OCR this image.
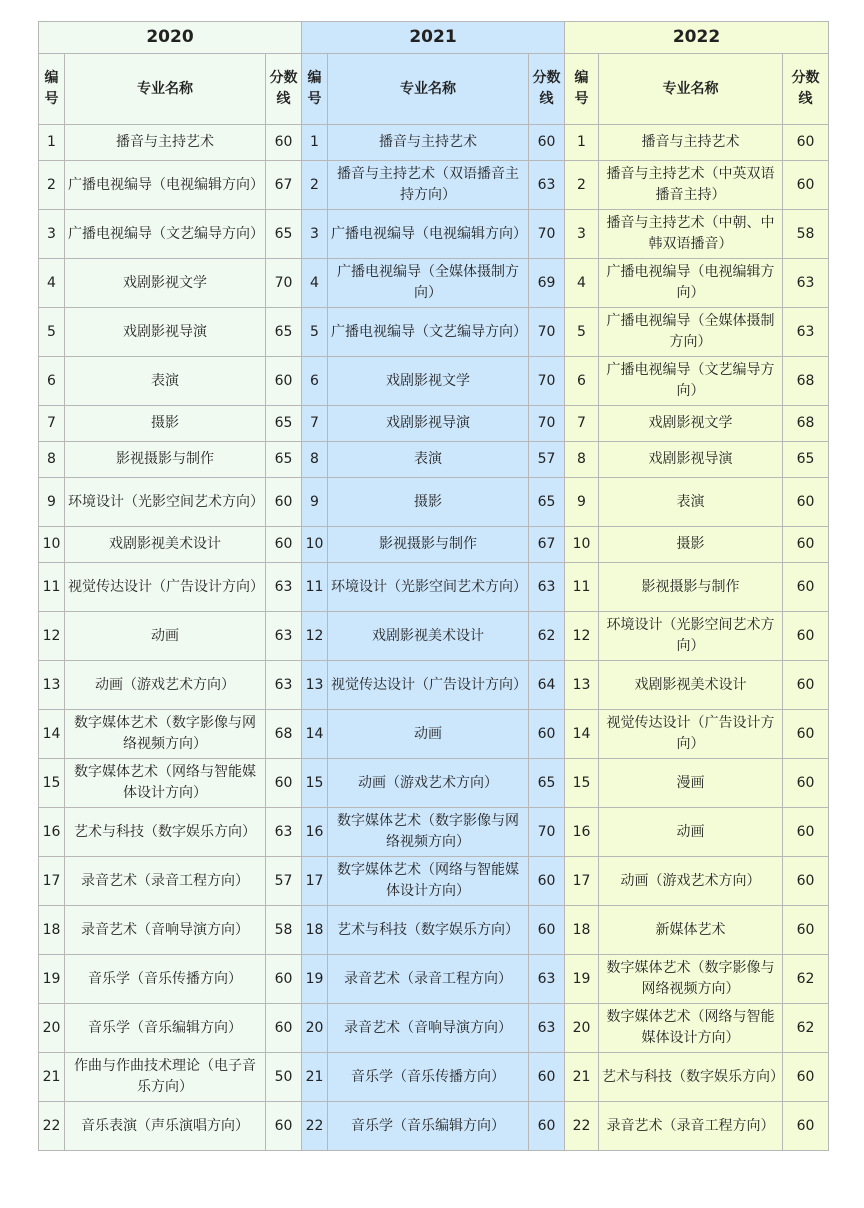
2020			2021			2022		
编号	专业名称	分数线	编号	专业名称	分数线	编号	专业名称	分数线
1	播音与主持艺术	60	1	播音与主持艺术	60	1	播音与主持艺术	60
2	广播电视编导（电视编辑方向）	67	2	播音与主持艺术（双语播音主持方向）	63	2	播音与主持艺术（中英双语播音主持）	60
3	广播电视编导（文艺编导方向）	65	3	广播电视编导（电视编辑方向）	70	3	播音与主持艺术（中朝、中韩双语播音）	58
4	戏剧影视文学	70	4	广播电视编导（全媒体摄制方向）	69	4	广播电视编导（电视编辑方向）	63
5	戏剧影视导演	65	5	广播电视编导（文艺编导方向）	70	5	广播电视编导（全媒体摄制方向）	63
6	表演	60	6	戏剧影视文学	70	6	广播电视编导（文艺编导方向）	68
7	摄影	65	7	戏剧影视导演	70	7	戏剧影视文学	68
8	影视摄影与制作	65	8	表演	57	8	戏剧影视导演	65
9	环境设计（光影空间艺术方向）	60	9	摄影	65	9	表演	60
10	戏剧影视美术设计	60	10	影视摄影与制作	67	10	摄影	60
11	视觉传达设计（广告设计方向）	63	11	环境设计（光影空间艺术方向）	63	11	影视摄影与制作	60
12	动画	63	12	戏剧影视美术设计	62	12	环境设计（光影空间艺术方向）	60
13	动画（游戏艺术方向）	63	13	视觉传达设计（广告设计方向）	64	13	戏剧影视美术设计	60
14	数字媒体艺术（数字影像与网络视频方向）	68	14	动画	60	14	视觉传达设计（广告设计方向）	60
15	数字媒体艺术（网络与智能媒体设计方向）	60	15	动画（游戏艺术方向）	65	15	漫画	60
16	艺术与科技（数字娱乐方向）	63	16	数字媒体艺术（数字影像与网络视频方向）	70	16	动画	60
17	录音艺术（录音工程方向）	57	17	数字媒体艺术（网络与智能媒体设计方向）	60	17	动画（游戏艺术方向）	60
18	录音艺术（音响导演方向）	58	18	艺术与科技（数字娱乐方向）	60	18	新媒体艺术	60
19	音乐学（音乐传播方向）	60	19	录音艺术（录音工程方向）	63	19	数字媒体艺术（数字影像与网络视频方向）	62
20	音乐学（音乐编辑方向）	60	20	录音艺术（音响导演方向）	63	20	数字媒体艺术（网络与智能媒体设计方向）	62
21	作曲与作曲技术理论（电子音乐方向）	50	21	音乐学（音乐传播方向）	60	21	艺术与科技（数字娱乐方向）	60
22	音乐表演（声乐演唱方向）	60	22	音乐学（音乐编辑方向）	60	22	录音艺术（录音工程方向）	60
